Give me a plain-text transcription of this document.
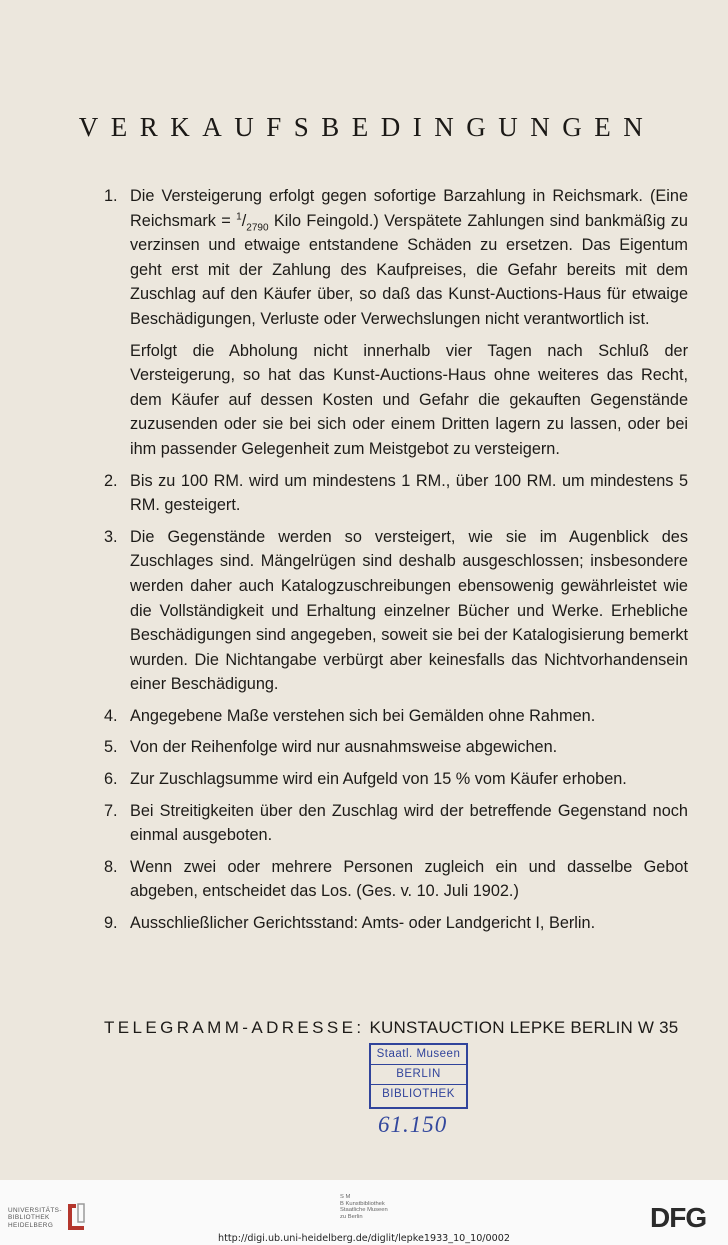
VERKAUFSBEDINGUNGEN
1. Die Versteigerung erfolgt gegen sofortige Barzahlung in Reichsmark. (Eine Reichsmark = $^1/_{2790}$ Kilo Feingold.) Verspätete Zahlungen sind bankmäßig zu verzinsen und etwaige entstandene Schäden zu ersetzen. Das Eigentum geht erst mit der Zahlung des Kaufpreises, die Gefahr bereits mit dem Zuschlag auf den Käufer über, so daß das Kunst-Auctions-Haus für etwaige Beschädigungen, Verluste oder Verwechslungen nicht verantwortlich ist.

Erfolgt die Abholung nicht innerhalb vier Tagen nach Schluß der Versteigerung, so hat das Kunst-Auctions-Haus ohne weiteres das Recht, dem Käufer auf dessen Kosten und Gefahr die gekauften Gegenstände zuzusenden oder sie bei sich oder einem Dritten lagern zu lassen, oder bei ihm passender Gelegenheit zum Meistgebot zu versteigern.

2. Bis zu 100 RM. wird um mindestens 1 RM., über 100 RM. um mindestens 5 RM. gesteigert.

3. Die Gegenstände werden so versteigert, wie sie im Augenblick des Zuschlages sind. Mängelrügen sind deshalb ausgeschlossen; insbesondere werden daher auch Katalogzuschreibungen ebensowenig gewährleistet wie die Vollständigkeit und Erhaltung einzelner Bücher und Werke. Erhebliche Beschädigungen sind angegeben, soweit sie bei der Katalogisierung bemerkt wurden. Die Nichtangabe verbürgt aber keinesfalls das Nichtvorhandensein einer Beschädigung.

4. Angegebene Maße verstehen sich bei Gemälden ohne Rahmen.

5. Von der Reihenfolge wird nur ausnahmsweise abgewichen.

6. Zur Zuschlagsumme wird ein Aufgeld von 15 % vom Käufer erhoben.

7. Bei Streitigkeiten über den Zuschlag wird der betreffende Gegenstand noch einmal ausgeboten.

8. Wenn zwei oder mehrere Personen zugleich ein und dasselbe Gebot abgeben, entscheidet das Los. (Ges. v. 10. Juli 1902.)

9. Ausschließlicher Gerichtsstand: Amts- oder Landgericht I, Berlin.

TELEGRAMM-ADRESSE: KUNSTAUCTION LEPKE BERLIN W 35
Staatl. Museen
BERLIN
BIBLIOTHEK
61.150
UNIVERSITÄTS-
BIBLIOTHEK
HEIDELBERG
S M
B Kunstbibliothek
Staatliche Museen
zu Berlin	DFG
http://digi.ub.uni-heidelberg.de/diglit/lepke1933_10_10/0002
